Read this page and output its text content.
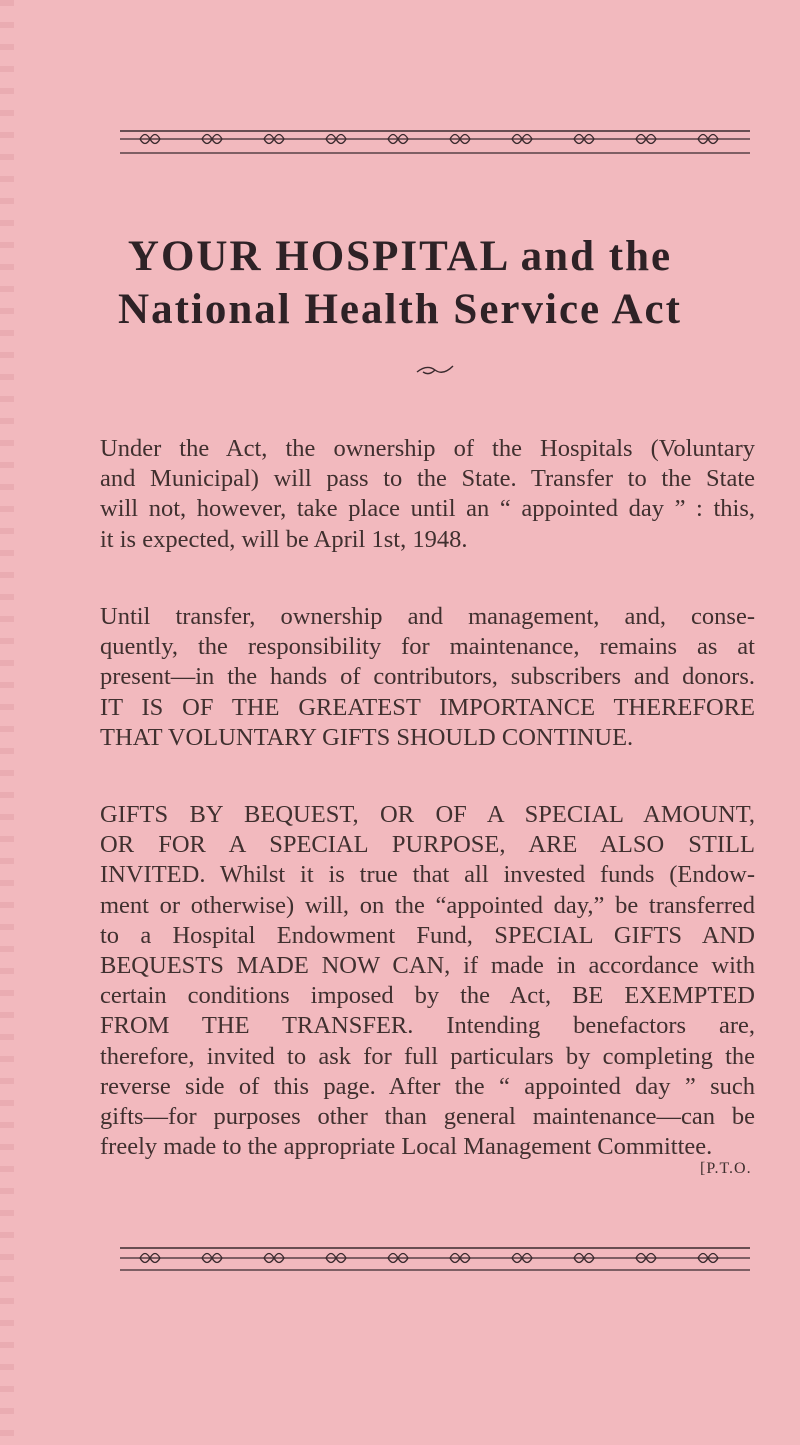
YOUR HOSPITAL and the
National Health Service Act
Under the Act, the ownership of the Hospitals (Voluntary
and Municipal) will pass to the State. Transfer to the State
will not, however, take place until an “ appointed day ” : this,
it is expected, will be April 1st, 1948.
Until transfer, ownership and management, and, conse-
quently, the responsibility for maintenance, remains as at
present—in the hands of contributors, subscribers and donors.
IT IS OF THE GREATEST IMPORTANCE THEREFORE
THAT VOLUNTARY GIFTS SHOULD CONTINUE.
GIFTS BY BEQUEST, OR OF A SPECIAL AMOUNT,
OR FOR A SPECIAL PURPOSE, ARE ALSO STILL
INVITED. Whilst it is true that all invested funds (Endow-
ment or otherwise) will, on the “appointed day,” be transferred
to a Hospital Endowment Fund, SPECIAL GIFTS AND
BEQUESTS MADE NOW CAN, if made in accordance with
certain conditions imposed by the Act, BE EXEMPTED
FROM THE TRANSFER. Intending benefactors are,
therefore, invited to ask for full particulars by completing the
reverse side of this page. After the “ appointed day ” such
gifts—for purposes other than general maintenance—can be
freely made to the appropriate Local Management Committee.
[P.T.O.
